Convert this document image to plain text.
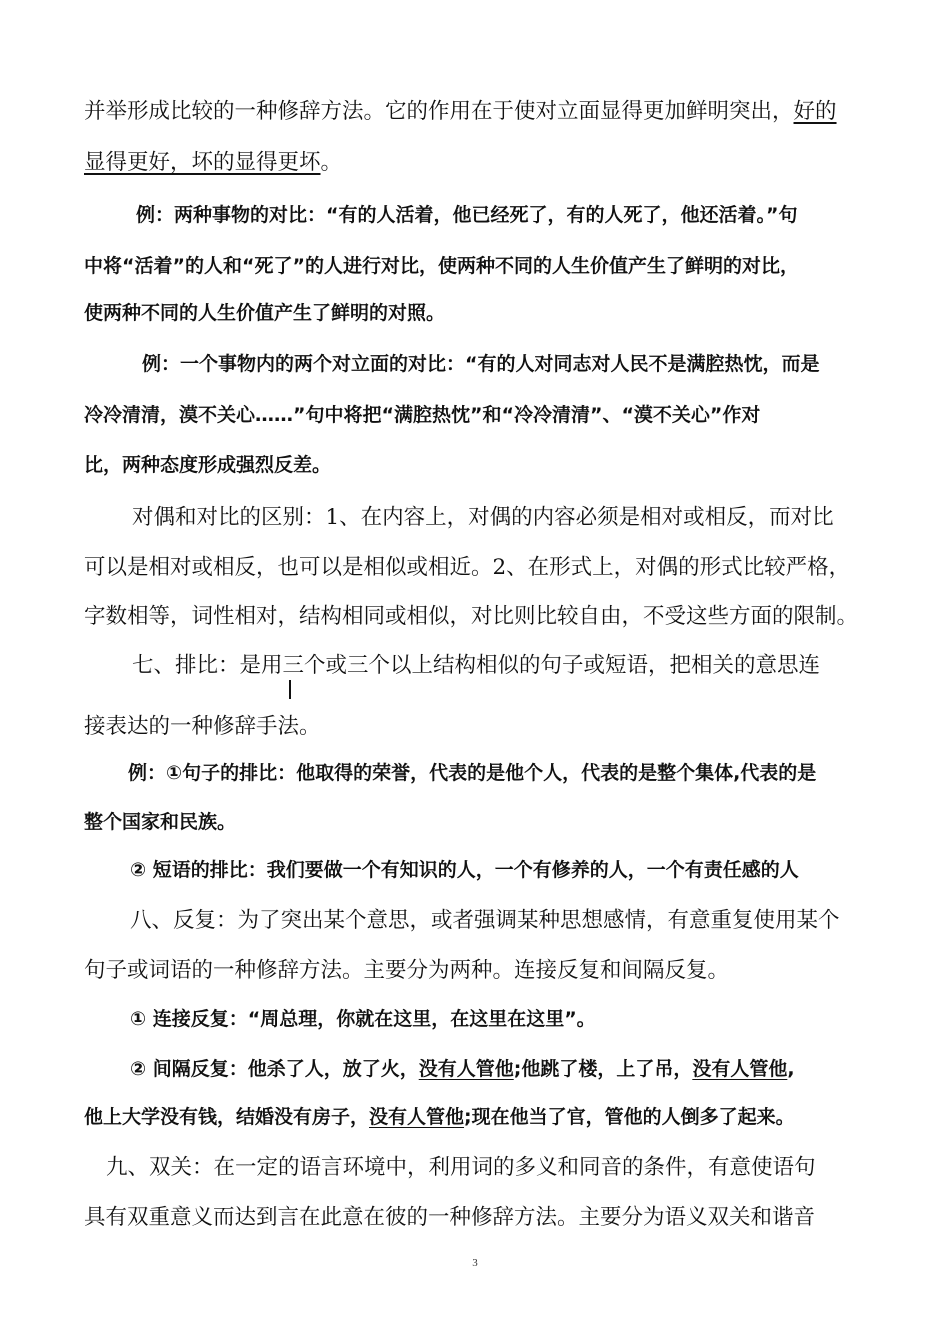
并举形成比较的一种修辞方法。它的作用在于使对立面显得更加鲜明突出，好的

显得更好，坏的显得更坏。

例：两种事物的对比：“有的人活着，他已经死了，有的人死了，他还活着。”句

中将“活着”的人和“死了”的人进行对比，使两种不同的人生价值产生了鲜明的对比，

使两种不同的人生价值产生了鲜明的对照。

例：一个事物内的两个对立面的对比：“有的人对同志对人民不是满腔热忱，而是

冷冷清清，漠不关心……”句中将把“满腔热忱”和“冷冷清清”、“漠不关心”作对

比，两种态度形成强烈反差。

对偶和对比的区别：1、在内容上，对偶的内容必须是相对或相反，而对比

可以是相对或相反，也可以是相似或相近。2、在形式上，对偶的形式比较严格，

字数相等，词性相对，结构相同或相似，对比则比较自由，不受这些方面的限制。

七、排比：是用三个或三个以上结构相似的句子或短语，把相关的意思连

接表达的一种修辞手法。

例：①句子的排比：他取得的荣誉，代表的是他个人，代表的是整个集体,代表的是

整个国家和民族。

② 短语的排比：我们要做一个有知识的人，一个有修养的人，一个有责任感的人

八、反复：为了突出某个意思，或者强调某种思想感情，有意重复使用某个

句子或词语的一种修辞方法。主要分为两种。连接反复和间隔反复。

① 连接反复：“周总理，你就在这里，在这里在这里”。

② 间隔反复：他杀了人，放了火，没有人管他;他跳了楼，上了吊，没有人管他,

他上大学没有钱，结婚没有房子，没有人管他;现在他当了官，管他的人倒多了起来。

九、双关：在一定的语言环境中，利用词的多义和同音的条件，有意使语句

具有双重意义而达到言在此意在彼的一种修辞方法。主要分为语义双关和谐音

3
